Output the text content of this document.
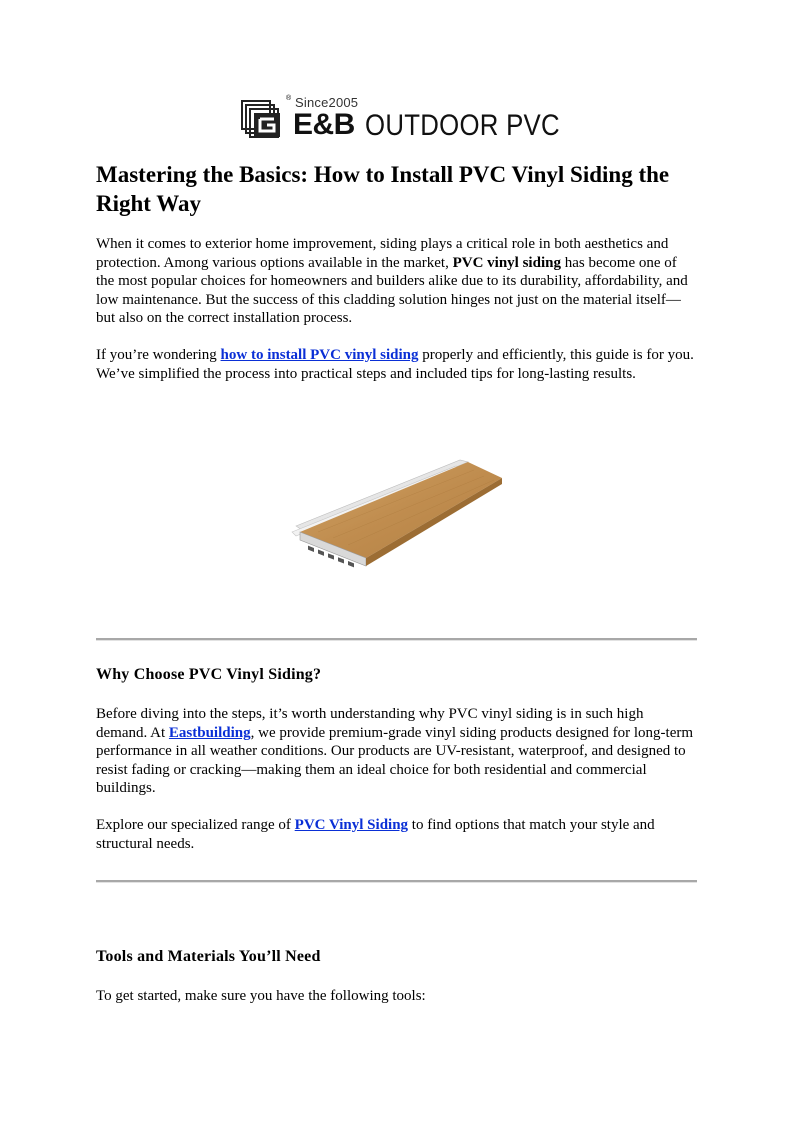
® Since2005
E&B OUTDOOR PVC
Mastering the Basics: How to Install PVC Vinyl Siding the Right Way

When it comes to exterior home improvement, siding plays a critical role in both aesthetics and protection. Among various options available in the market, PVC vinyl siding has become one of the most popular choices for homeowners and builders alike due to its durability, affordability, and low maintenance. But the success of this cladding solution hinges not just on the material itself—but also on the correct installation process.

If you’re wondering how to install PVC vinyl siding properly and efficiently, this guide is for you. We’ve simplified the process into practical steps and included tips for long-lasting results.

Why Choose PVC Vinyl Siding?

Before diving into the steps, it’s worth understanding why PVC vinyl siding is in such high demand. At Eastbuilding, we provide premium-grade vinyl siding products designed for long-term performance in all weather conditions. Our products are UV-resistant, waterproof, and designed to resist fading or cracking—making them an ideal choice for both residential and commercial buildings.

Explore our specialized range of PVC Vinyl Siding to find options that match your style and structural needs.

Tools and Materials You’ll Need

To get started, make sure you have the following tools:
